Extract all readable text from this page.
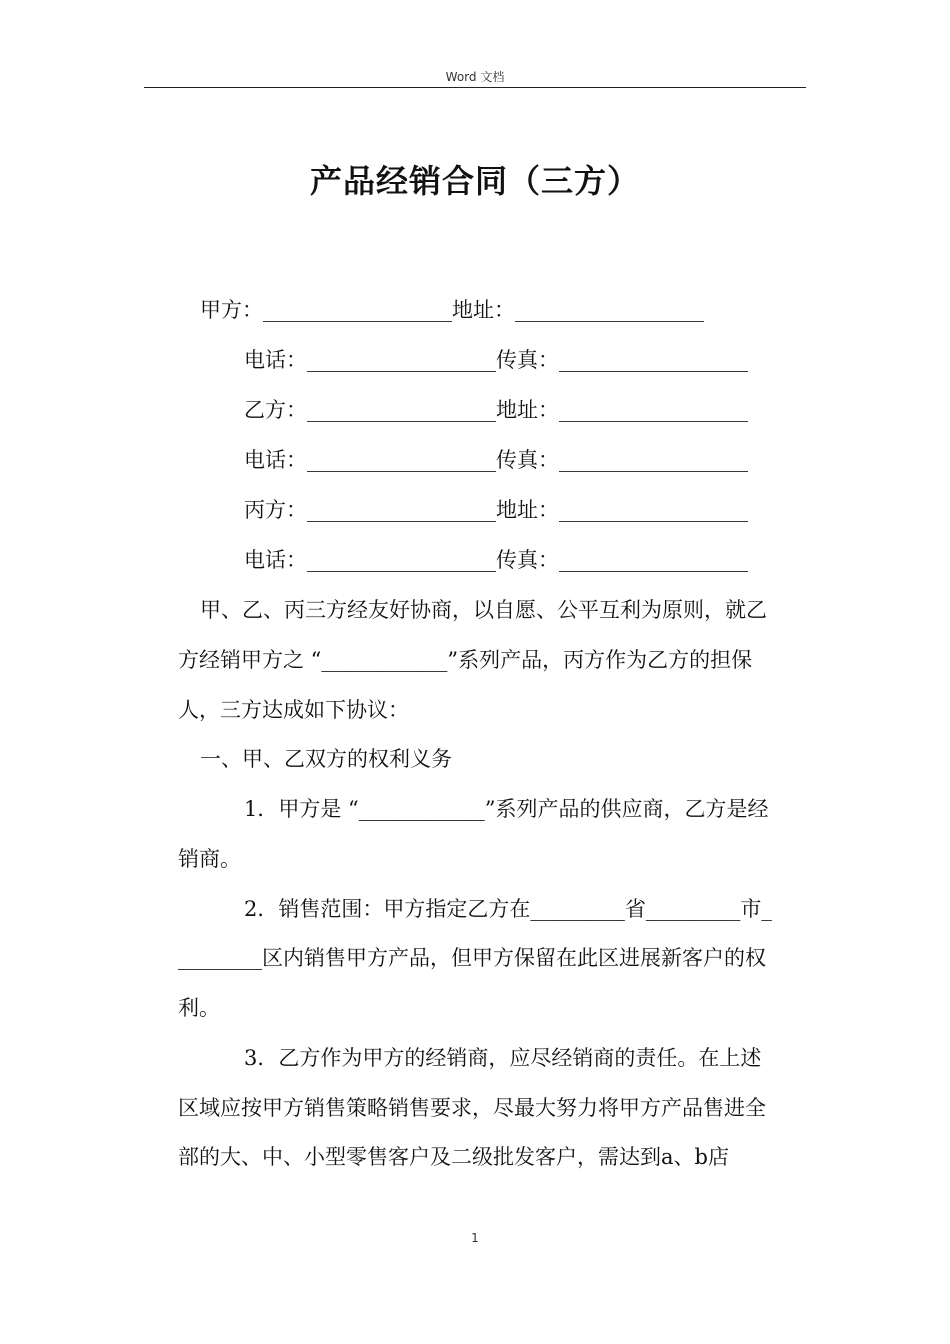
Word 文档
产品经销合同（三方）
甲方：__________________地址：__________________
电话：__________________传真：__________________
乙方：__________________地址：__________________
电话：__________________传真：__________________
丙方：__________________地址：__________________
电话：__________________传真：__________________
甲、乙、丙三方经友好协商，以自愿、公平互利为原则，就乙
方经销甲方之 “____________”系列产品，丙方作为乙方的担保
人，三方达成如下协议：
一、甲、乙双方的权利义务
1．甲方是 “____________”系列产品的供应商，乙方是经
销商。
2．销售范围：甲方指定乙方在_________省_________市_
________区内销售甲方产品，但甲方保留在此区进展新客户的权
利。
3．乙方作为甲方的经销商，应尽经销商的责任。在上述
区域应按甲方销售策略销售要求，尽最大努力将甲方产品售进全
部的大、中、小型零售客户及二级批发客户，需达到a、b店
1
